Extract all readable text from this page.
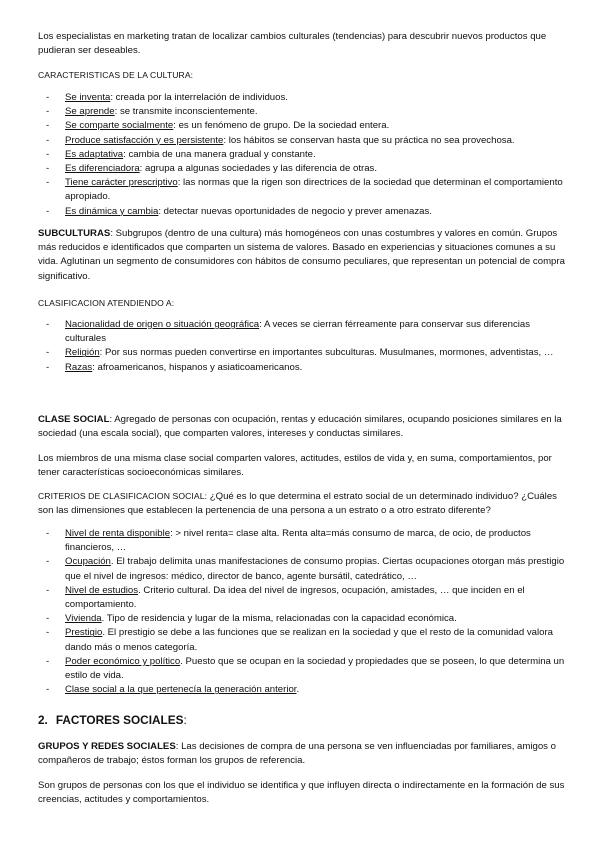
Los especialistas en marketing tratan de localizar cambios culturales (tendencias) para descubrir nuevos productos que pudieran ser deseables.

CARACTERISTICAS DE LA CULTURA:

- Se inventa: creada por la interrelación de individuos.
- Se aprende: se transmite inconscientemente.
- Se comparte socialmente: es un fenómeno de grupo. De la sociedad entera.
- Produce satisfacción y es persistente: los hábitos se conservan hasta que su práctica no sea provechosa.
- Es adaptativa: cambia de una manera gradual y constante.
- Es diferenciadora: agrupa a algunas sociedades y las diferencia de otras.
- Tiene carácter prescriptivo: las normas que la rigen son directrices de la sociedad que determinan el comportamiento apropiado.
- Es dinámica y cambia: detectar nuevas oportunidades de negocio y prever amenazas.

SUBCULTURAS: Subgrupos (dentro de una cultura) más homogéneos con unas costumbres y valores en común. Grupos más reducidos e identificados que comparten un sistema de valores. Basado en experiencias y situaciones comunes a su vida. Aglutinan un segmento de consumidores con hábitos de consumo peculiares, que representan un potencial de compra significativo.

CLASIFICACION ATENDIENDO A:

- Nacionalidad de origen o situación geográfica: A veces se cierran férreamente para conservar sus diferencias culturales
- Religión: Por sus normas pueden convertirse en importantes subculturas. Musulmanes, mormones, adventistas, …
- Razas: afroamericanos, hispanos y asiaticoamericanos.

CLASE SOCIAL: Agregado de personas con ocupación, rentas y educación similares, ocupando posiciones similares en la sociedad (una escala social), que comparten valores, intereses y conductas similares.

Los miembros de una misma clase social comparten valores, actitudes, estilos de vida y, en suma, comportamientos, por tener características socioeconómicas similares.

CRITERIOS DE CLASIFICACION SOCIAL: ¿Qué es lo que determina el estrato social de un determinado individuo? ¿Cuáles son las dimensiones que establecen la pertenencia de una persona a un estrato o a otro estrato diferente?

- Nivel de renta disponible: > nivel renta= clase alta. Renta alta=más consumo de marca, de ocio, de productos financieros, …
- Ocupación. El trabajo delimita unas manifestaciones de consumo propias. Ciertas ocupaciones otorgan más prestigio que el nivel de ingresos: médico, director de banco, agente bursátil, catedrático, …
- Nivel de estudios. Criterio cultural. Da idea del nivel de ingresos, ocupación, amistades, … que inciden en el comportamiento.
- Vivienda. Tipo de residencia y lugar de la misma, relacionadas con la capacidad económica.
- Prestigio. El prestigio se debe a las funciones que se realizan en la sociedad y que el resto de la comunidad valora dando más o menos categoría.
- Poder económico y político. Puesto que se ocupan en la sociedad y propiedades que se poseen, lo que determina un estilo de vida.
- Clase social a la que pertenecía la generación anterior.
2. FACTORES SOCIALES:

GRUPOS Y REDES SOCIALES: Las decisiones de compra de una persona se ven influenciadas por familiares, amigos o compañeros de trabajo; éstos forman los grupos de referencia.

Son grupos de personas con los que el individuo se identifica y que influyen directa o indirectamente en la formación de sus creencias, actitudes y comportamientos.
